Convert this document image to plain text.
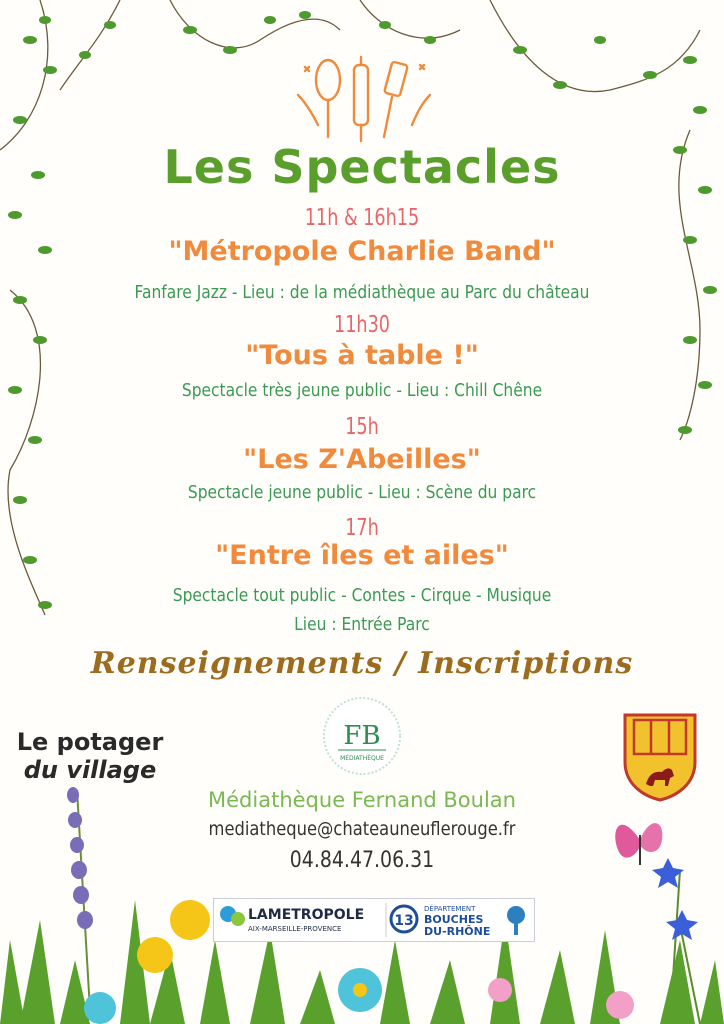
Les Spectacles
11h & 16h15
"Métropole Charlie Band"
Fanfare Jazz - Lieu : de la médiathèque au Parc du château
11h30
"Tous à table !"
Spectacle très jeune public - Lieu : Chill Chêne
15h
"Les Z'Abeilles"
Spectacle jeune public - Lieu : Scène du parc
17h
"Entre îles et ailes"
Spectacle tout public - Contes - Cirque - Musique
Lieu : Entrée Parc
Renseignements / Inscriptions
Le potager
du village
FB
MÉDIATHÈQUE
Médiathèque Fernand Boulan
mediatheque@chateauneuflerouge.fr
04.84.47.06.31
LAMETROPOLE
AIX-MARSEILLE-PROVENCE	13
DÉPARTEMENT
BOUCHES
DU-RHÔNE
